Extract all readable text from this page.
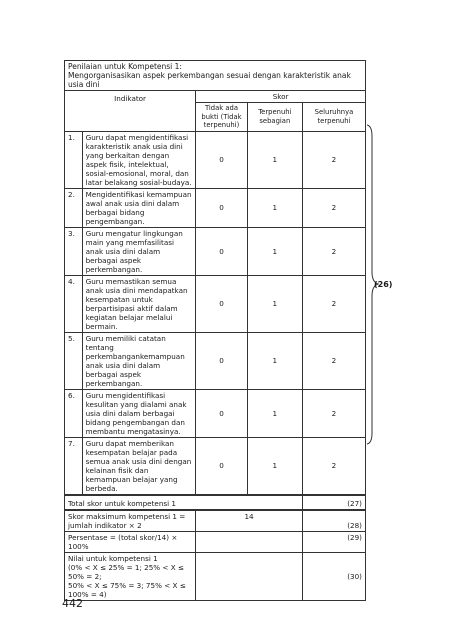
Penilaian untuk Kompetensi 1:
Mengorganisasikan aspek perkembangan sesuai dengan karakteristik anak usia dini				

Indikator		Skor		
		Tidak ada bukti (Tidak terpenuhi)	Terpenuhi sebagian	Seluruhnya terpenuhi
1.	Guru dapat mengidentifikasi karakteristik anak usia dini yang berkaitan dengan aspek fisik, intelektual, sosial-emosional, moral, dan latar belakang sosial-budaya.	0	1	2
2.	Mengidentifikasi kemampuan awal anak usia dini dalam berbagai bidang pengembangan.	0	1	2
3.	Guru mengatur lingkungan main yang memfasilitasi anak usia dini dalam berbagai aspek perkembangan.	0	1	2
4.	Guru memastikan semua anak usia dini mendapatkan kesempatan untuk berpartisipasi aktif dalam kegiatan belajar melalui bermain.	0	1	2
5.	Guru memiliki catatan tentang perkembangankemampuan anak usia dini dalam berbagai aspek perkembangan.	0	1	2
6.	Guru mengidentifikasi kesulitan yang dialami anak usia dini dalam berbagai bidang pengembangan dan membantu mengatasinya.	0	1	2
7.	Guru dapat memberikan kesempatan belajar pada semua anak usia dini dengan kelainan fisik dan kemampuan belajar yang berbeda.	0	1	2
Total skor untuk kompetensi 1				(27)
Skor maksimum kompetensi 1 = jumlah indikator × 2		14		(28)
Persentase = (total skor/14) × 100%				(29)

Nilai untuk kompetensi 1
(0% < X ≤ 25% = 1; 25% < X ≤ 50% = 2;
50% < X ≤ 75% = 3; 75% < X ≤ 100% = 4)				(30)
(26)
442
